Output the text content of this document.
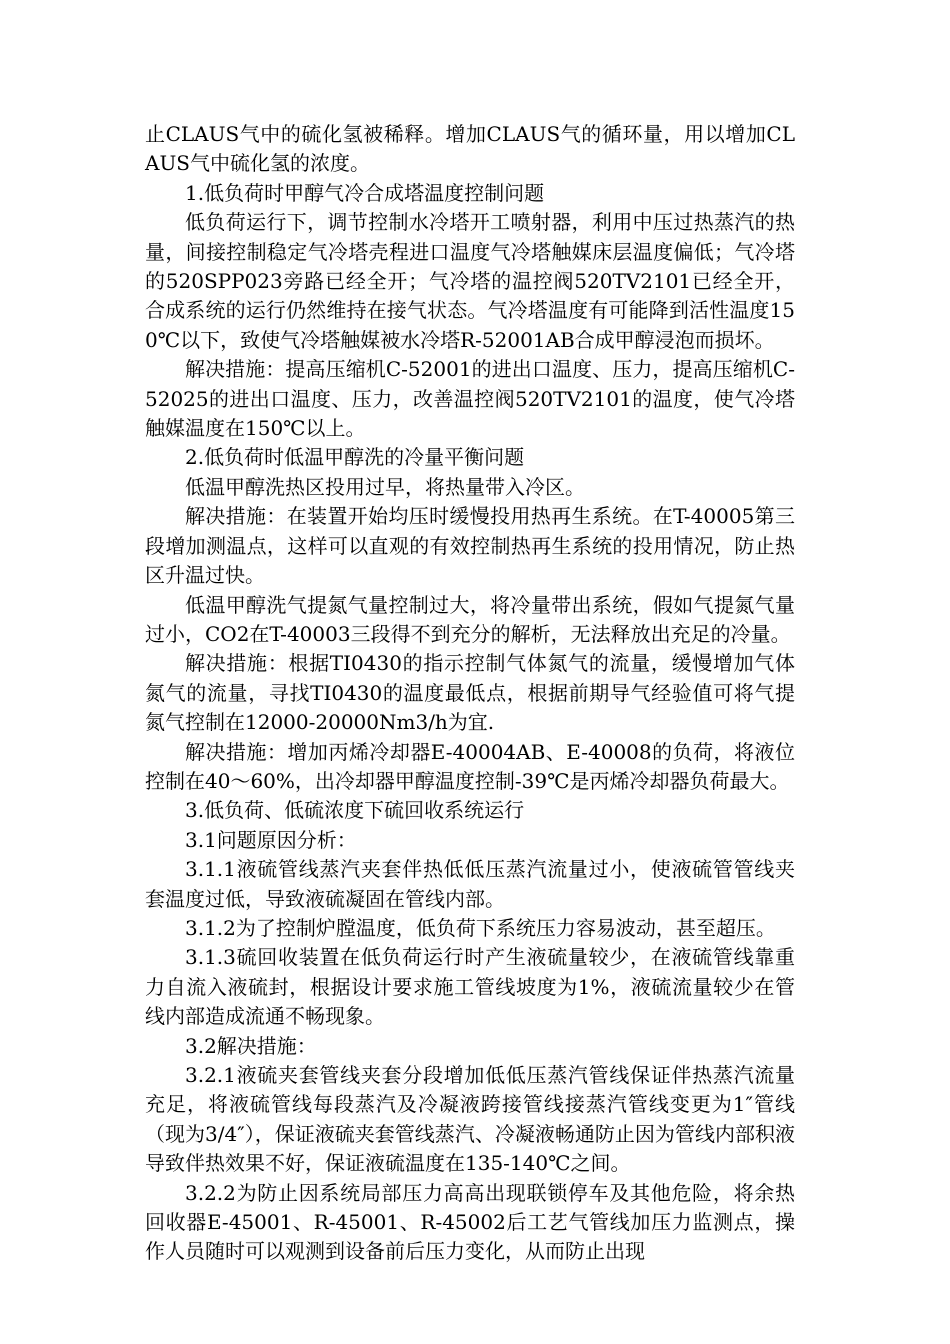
止CLAUS气中的硫化氢被稀释。增加CLAUS气的循环量，用以增加CLAUS气中硫化氢的浓度。

1.低负荷时甲醇气冷合成塔温度控制问题

低负荷运行下，调节控制水冷塔开工喷射器，利用中压过热蒸汽的热量，间接控制稳定气冷塔壳程进口温度气冷塔触媒床层温度偏低；气冷塔的520SPP023旁路已经全开；气冷塔的温控阀520TV2101已经全开，合成系统的运行仍然维持在接气状态。气冷塔温度有可能降到活性温度150℃以下，致使气冷塔触媒被水冷塔R-52001AB合成甲醇浸泡而损坏。

解决措施：提高压缩机C-52001的进出口温度、压力，提高压缩机C-52025的进出口温度、压力，改善温控阀520TV2101的温度，使气冷塔触媒温度在150℃以上。

2.低负荷时低温甲醇洗的冷量平衡问题

低温甲醇洗热区投用过早，将热量带入冷区。

解决措施：在装置开始均压时缓慢投用热再生系统。在T-40005第三段增加测温点，这样可以直观的有效控制热再生系统的投用情况，防止热区升温过快。

低温甲醇洗气提氮气量控制过大，将冷量带出系统，假如气提氮气量过小，CO2在T-40003三段得不到充分的解析，无法释放出充足的冷量。

解决措施：根据TI0430的指示控制气体氮气的流量，缓慢增加气体氮气的流量，寻找TI0430的温度最低点，根据前期导气经验值可将气提氮气控制在12000-20000Nm3/h为宜.

解决措施：增加丙烯冷却器E-40004AB、E-40008的负荷，将液位控制在40～60%，出冷却器甲醇温度控制-39℃是丙烯冷却器负荷最大。

3.低负荷、低硫浓度下硫回收系统运行

3.1问题原因分析：

3.1.1液硫管线蒸汽夹套伴热低低压蒸汽流量过小，使液硫管管线夹套温度过低，导致液硫凝固在管线内部。

3.1.2为了控制炉膛温度，低负荷下系统压力容易波动，甚至超压。

3.1.3硫回收装置在低负荷运行时产生液硫量较少，在液硫管线靠重力自流入液硫封，根据设计要求施工管线坡度为1%，液硫流量较少在管线内部造成流通不畅现象。

3.2解决措施：

3.2.1液硫夹套管线夹套分段增加低低压蒸汽管线保证伴热蒸汽流量充足，将液硫管线每段蒸汽及冷凝液跨接管线接蒸汽管线变更为1″管线（现为3/4″），保证液硫夹套管线蒸汽、冷凝液畅通防止因为管线内部积液导致伴热效果不好，保证液硫温度在135-140℃之间。

3.2.2为防止因系统局部压力高高出现联锁停车及其他危险，将余热回收器E-45001、R-45001、R-45002后工艺气管线加压力监测点，操作人员随时可以观测到设备前后压力变化，从而防止出现
